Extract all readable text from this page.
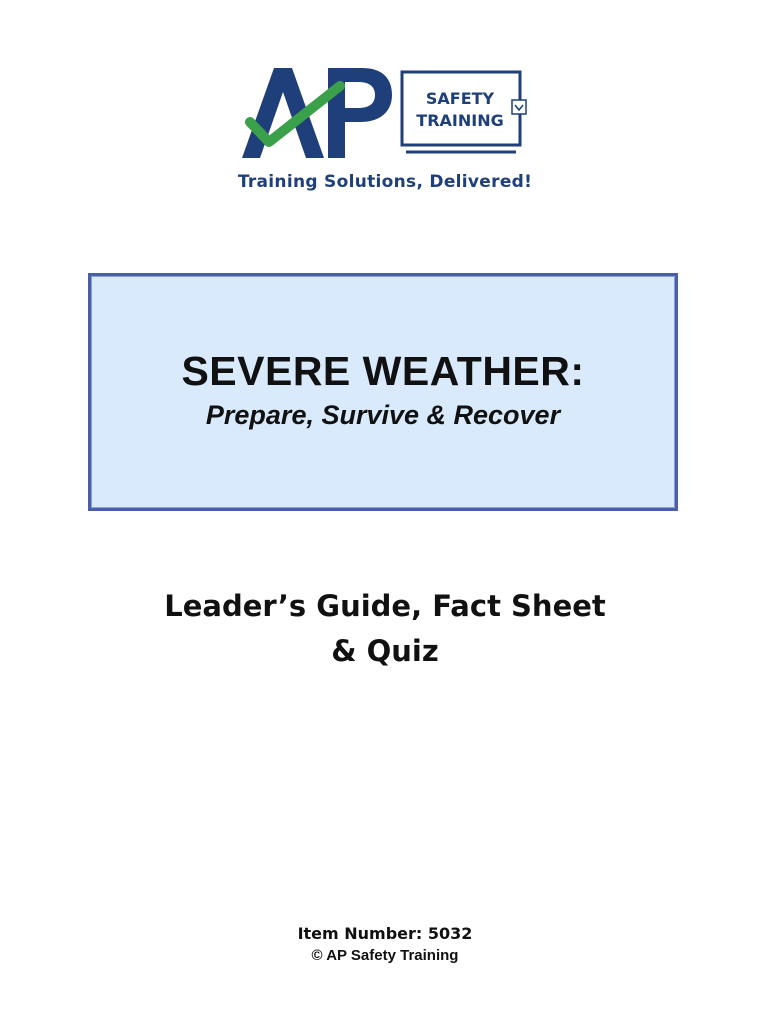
SAFETY
TRAINING
Training Solutions, Delivered!
SEVERE WEATHER:
Prepare, Survive & Recover
Leader’s Guide, Fact Sheet
& Quiz
Item Number: 5032
© AP Safety Training
